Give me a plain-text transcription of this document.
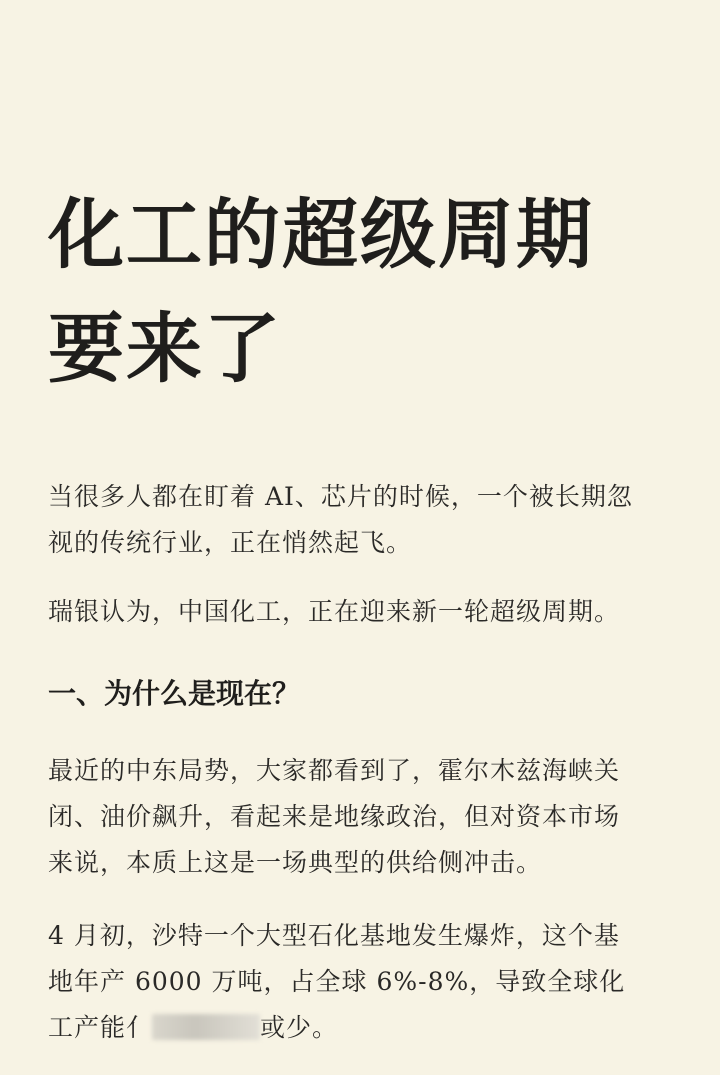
化工的超级周期
要来了

当很多人都在盯着 AI、芯片的时候，一个被长期忽
视的传统行业，正在悄然起飞。

瑞银认为，中国化工，正在迎来新一轮超级周期。

一、为什么是现在？

最近的中东局势，大家都看到了，霍尔木兹海峡关
闭、油价飙升，看起来是地缘政治，但对资本市场
来说，本质上这是一场典型的供给侧冲击。

4 月初，沙特一个大型石化基地发生爆炸，这个基
地年产 6000 万吨，占全球 6%-8%，导致全球化
工产能亻	或少。
